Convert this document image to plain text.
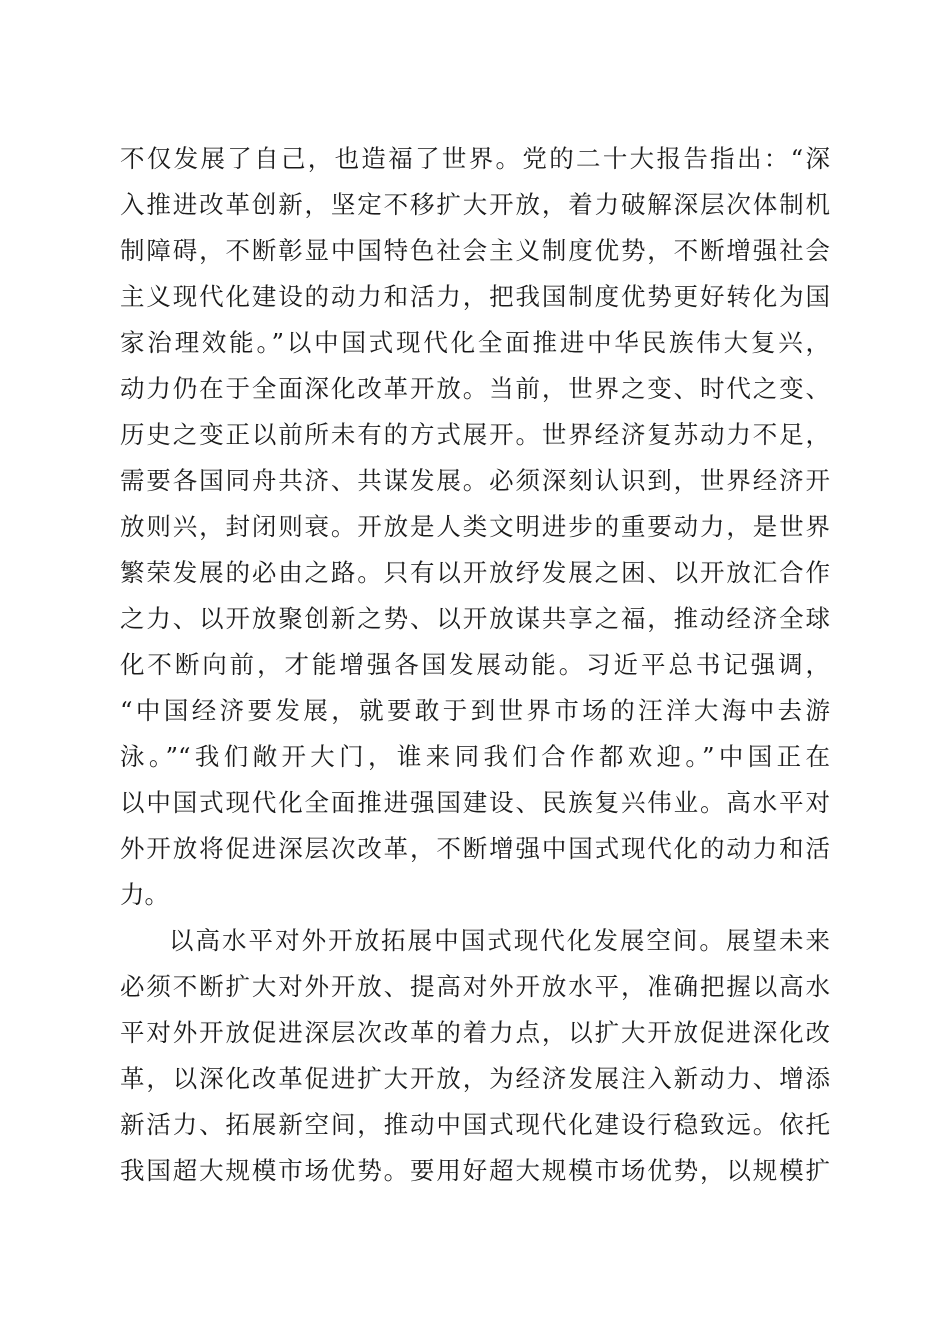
不仅发展了自己，也造福了世界。党的二十大报告指出：“深
入推进改革创新，坚定不移扩大开放，着力破解深层次体制机
制障碍，不断彰显中国特色社会主义制度优势，不断增强社会
主义现代化建设的动力和活力，把我国制度优势更好转化为国
家治理效能。”以中国式现代化全面推进中华民族伟大复兴，
动力仍在于全面深化改革开放。当前，世界之变、时代之变、
历史之变正以前所未有的方式展开。世界经济复苏动力不足，
需要各国同舟共济、共谋发展。必须深刻认识到，世界经济开
放则兴，封闭则衰。开放是人类文明进步的重要动力，是世界
繁荣发展的必由之路。只有以开放纾发展之困、以开放汇合作
之力、以开放聚创新之势、以开放谋共享之福，推动经济全球
化不断向前，才能增强各国发展动能。习近平总书记强调，
“中国经济要发展，就要敢于到世界市场的汪洋大海中去游
泳。”“我们敞开大门，谁来同我们合作都欢迎。”中国正在
以中国式现代化全面推进强国建设、民族复兴伟业。高水平对
外开放将促进深层次改革，不断增强中国式现代化的动力和活
力。
以高水平对外开放拓展中国式现代化发展空间。展望未来
必须不断扩大对外开放、提高对外开放水平，准确把握以高水
平对外开放促进深层次改革的着力点，以扩大开放促进深化改
革，以深化改革促进扩大开放，为经济发展注入新动力、增添
新活力、拓展新空间，推动中国式现代化建设行稳致远。依托
我国超大规模市场优势。要用好超大规模市场优势，以规模扩
